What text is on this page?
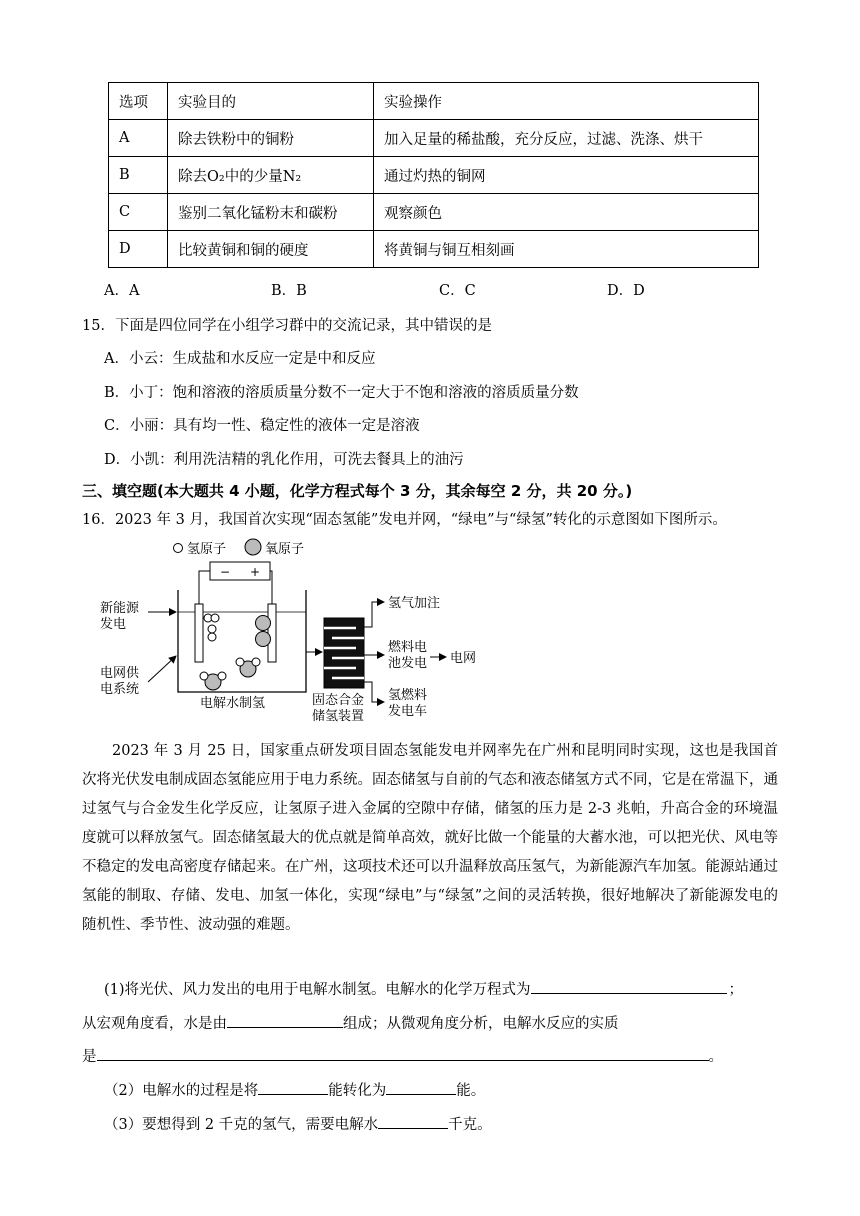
选项	实验目的	实验操作
A	除去铁粉中的铜粉	加入足量的稀盐酸，充分反应，过滤、洗涤、烘干
B	除去O₂中的少量N₂	通过灼热的铜网
C	鉴别二氧化锰粉末和碳粉	观察颜色
D	比较黄铜和铜的硬度	将黄铜与铜互相刻画
A．A	B．B	C．C	D．D
15．下面是四位同学在小组学习群中的交流记录，其中错误的是
A．小云：生成盐和水反应一定是中和反应
B．小丁：饱和溶液的溶质质量分数不一定大于不饱和溶液的溶质质量分数
C．小丽：具有均一性、稳定性的液体一定是溶液
D．小凯：利用洗洁精的乳化作用，可洗去餐具上的油污
三、填空题(本大题共 4 小题，化学方程式每个 3 分，其余每空 2 分，共 20 分。)
16．2023 年 3 月，我国首次实现“固态氢能”发电并网，“绿电”与“绿氢”转化的示意图如下图所示。
氢原子	氧原子
− +
电解水制氢
新能源
发电
电网供
电系统
固态合金
储氢装置
氢气加注
燃料电
池发电 电网
氢燃料
发电车
2023 年 3 月 25 日，国家重点研发项目固态氢能发电并网率先在广州和昆明同时实现，这也是我国首次将光伏发电制成固态氢能应用于电力系统。固态储氢与自前的气态和液态储氢方式不同，它是在常温下，通过氢气与合金发生化学反应，让氢原子进入金属的空隙中存储，储氢的压力是 2-3 兆帕，升高合金的环境温度就可以释放氢气。固态储氢最大的优点就是简单高效，就好比做一个能量的大蓄水池，可以把光伏、风电等不稳定的发电高密度存储起来。在广州，这项技术还可以升温释放高压氢气，为新能源汽车加氢。能源站通过氢能的制取、存储、发电、加氢一体化，实现“绿电”与“绿氢”之间的灵活转换，很好地解决了新能源发电的随机性、季节性、波动强的难题。
(1)将光伏、风力发出的电用于电解水制氢。电解水的化学万程式为	；
从宏观角度看，水是由	组成；从微观角度分析，电解水反应的实质
是	。
（2）电解水的过程是将	能转化为	能。
（3）要想得到 2 千克的氢气，需要电解水	千克。
